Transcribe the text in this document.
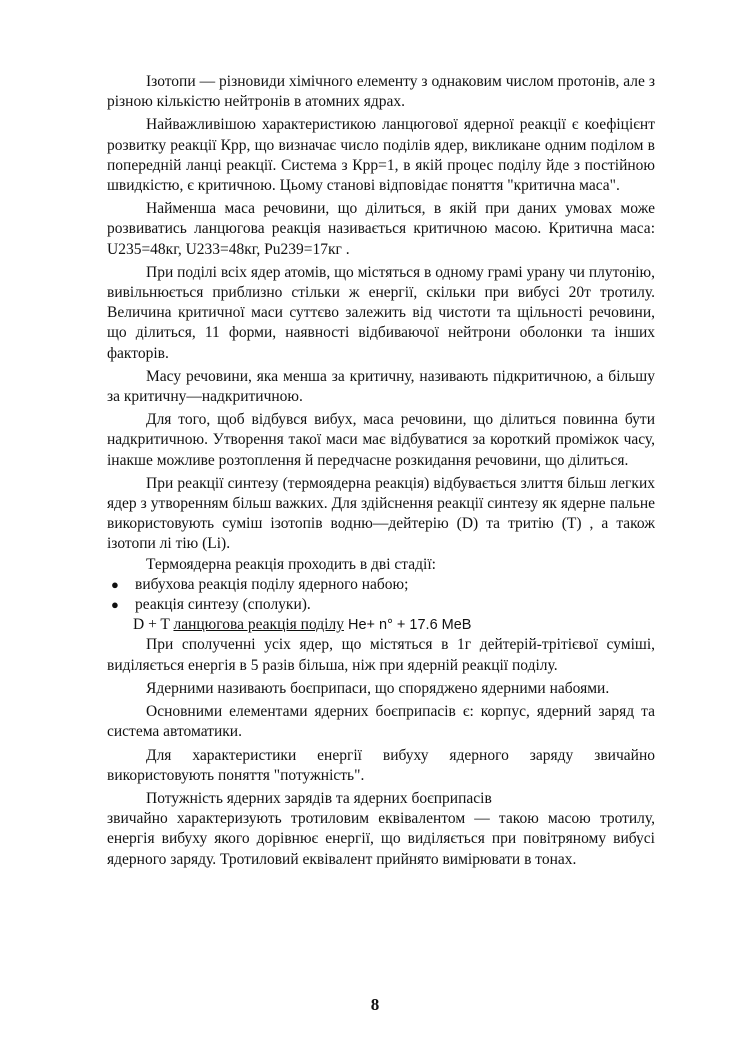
Ізотопи — різновиди хімічного елементу з однаковим числом протонів, але з різною кількістю нейтронів в атомних ядрах.

Найважливішою характеристикою ланцюгової ядерної реакції є коефіцієнт розвитку реакції Кpp, що визначає число поділів ядер, викликане одним поділом в попередній ланці реакції. Система з Кpp=1, в якій процес поділу йде з постійною швидкістю, є критичною. Цьому станові відповідає поняття "критична маса".

Найменша маса речовини, що ділиться, в якій при даних умовах може розвиватись ланцюгова реакція називається критичною масою. Критична маса: U235=48кг, U233=48кг, Pu239=17кг .

При поділі всіх ядер атомів, що містяться в одному грамі урану чи плутонію, вивільнюється приблизно стільки ж енергії, скільки при вибусі 20т тротилу. Величина критичної маси суттєво залежить від чистоти та щільності речовини, що ділиться, 11 форми, наявності відбиваючої нейтрони оболонки та інших факторів.

Масу речовини, яка менша за критичну, називають підкритичною, а більшу за критичну—надкритичною.

Для того, щоб відбувся вибух, маса речовини, що ділиться повинна бути надкритичною. Утворення такої маси має відбуватися за короткий проміжок часу, інакше можливе розтоплення й передчасне розкидання речовини, що ділиться.

При реакції синтезу (термоядерна реакція) відбувається злиття більш легких ядер з утворенням більш важких. Для здійснення реакції синтезу як ядерне пальне використовують суміш ізотопів водню—дейтерію (D) та тритію (T) , а також ізотопи лі тію (Li).

Термоядерна реакція проходить в дві стадії:

● вибухова реакція поділу ядерного набою;
● реакція синтезу (сполуки).

D + T ланцюгова реакція поділу He+ n° + 17.6 MeB

При сполученні усіх ядер, що містяться в 1г дейтерій-трітієвої суміші, виділяється енергія в 5 разів більша, ніж при ядерній реакції поділу.

Ядерними називають боєприпаси, що споряджено ядерними набоями.

Основними елементами ядерних боєприпасів є: корпус, ядерний заряд та система автоматики.

Для характеристики енергії вибуху ядерного заряду звичайно використовують поняття "потужність".

Потужність ядерних зарядів та ядерних боєприпасів

звичайно характеризують тротиловим еквівалентом — такою масою тротилу, енергія вибуху якого дорівнює енергії, що виділяється при повітряному вибусі ядерного заряду. Тротиловий еквівалент прийнято вимірювати в тонах.

8
